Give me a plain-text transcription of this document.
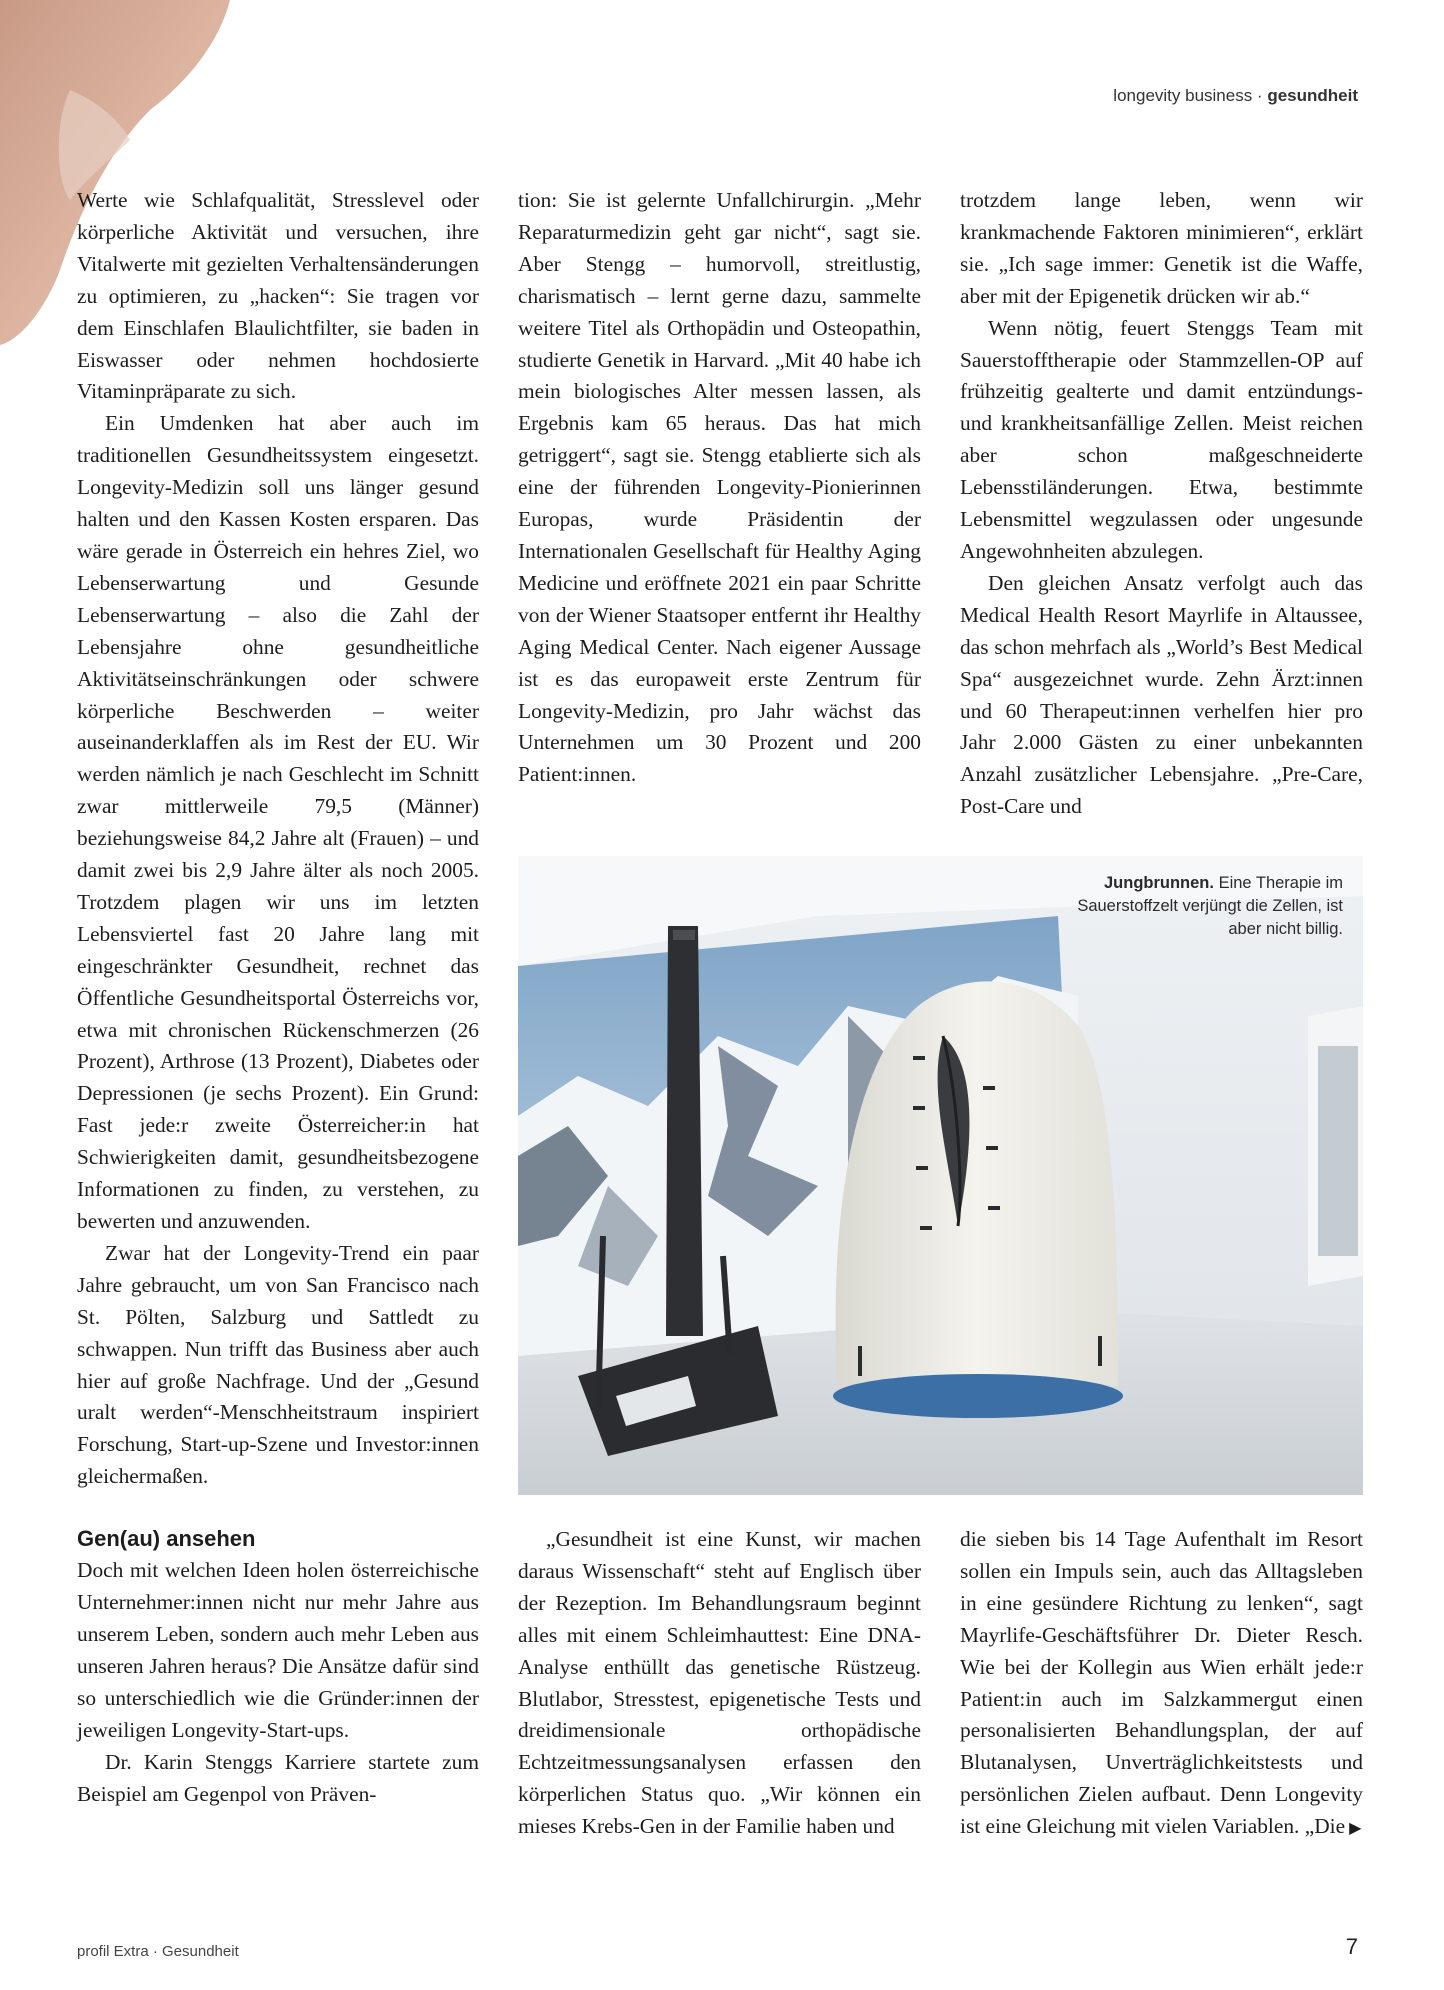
longevity business · gesundheit

Werte wie Schlafqualität, Stresslevel oder körperliche Aktivität und versuchen, ihre Vitalwerte mit gezielten Verhaltensänderungen zu optimieren, zu „hacken“: Sie tragen vor dem Einschlafen Blaulichtfilter, sie baden in Eiswasser oder nehmen hochdosierte Vitaminpräparate zu sich.

Ein Umdenken hat aber auch im traditionellen Gesundheitssystem eingesetzt. Longevity-Medizin soll uns länger gesund halten und den Kassen Kosten ersparen. Das wäre gerade in Österreich ein hehres Ziel, wo Lebenserwartung und Gesunde Lebenserwartung – also die Zahl der Lebensjahre ohne gesundheitliche Aktivitätseinschränkungen oder schwere körperliche Beschwerden – weiter auseinanderklaffen als im Rest der EU. Wir werden nämlich je nach Geschlecht im Schnitt zwar mittlerweile 79,5 (Männer) beziehungsweise 84,2 Jahre alt (Frauen) – und damit zwei bis 2,9 Jahre älter als noch 2005. Trotzdem plagen wir uns im letzten Lebensviertel fast 20 Jahre lang mit eingeschränkter Gesundheit, rechnet das Öffentliche Gesundheitsportal Österreichs vor, etwa mit chronischen Rückenschmerzen (26 Prozent), Arthrose (13 Prozent), Diabetes oder Depressionen (je sechs Prozent). Ein Grund: Fast jede:r zweite Österreicher:in hat Schwierigkeiten damit, gesundheitsbezogene Informationen zu finden, zu verstehen, zu bewerten und anzuwenden.

Zwar hat der Longevity-Trend ein paar Jahre gebraucht, um von San Francisco nach St. Pölten, Salzburg und Sattledt zu schwappen. Nun trifft das Business aber auch hier auf große Nachfrage. Und der „Gesund uralt werden“-Menschheitstraum inspiriert Forschung, Start-up-Szene und Investor:innen gleichermaßen.

Gen(au) ansehen

Doch mit welchen Ideen holen österreichische Unternehmer:innen nicht nur mehr Jahre aus unserem Leben, sondern auch mehr Leben aus unseren Jahren heraus? Die Ansätze dafür sind so unterschiedlich wie die Gründer:innen der jeweiligen Longevity-Start-ups.

Dr. Karin Stenggs Karriere startete zum Beispiel am Gegenpol von Präven-

tion: Sie ist gelernte Unfallchirurgin. „Mehr Reparaturmedizin geht gar nicht“, sagt sie. Aber Stengg – humorvoll, streitlustig, charismatisch – lernt gerne dazu, sammelte weitere Titel als Orthopädin und Osteopathin, studierte Genetik in Harvard. „Mit 40 habe ich mein biologisches Alter messen lassen, als Ergebnis kam 65 heraus. Das hat mich getriggert“, sagt sie. Stengg etablierte sich als eine der führenden Longevity-Pionierinnen Europas, wurde Präsidentin der Internationalen Gesellschaft für Healthy Aging Medicine und eröffnete 2021 ein paar Schritte von der Wiener Staatsoper entfernt ihr Healthy Aging Medical Center. Nach eigener Aussage ist es das europaweit erste Zentrum für Longevity-Medizin, pro Jahr wächst das Unternehmen um 30 Prozent und 200 Patient:innen.

trotzdem lange leben, wenn wir krankmachende Faktoren minimieren“, erklärt sie. „Ich sage immer: Genetik ist die Waffe, aber mit der Epigenetik drücken wir ab.“

Wenn nötig, feuert Stenggs Team mit Sauerstofftherapie oder Stammzellen-OP auf frühzeitig gealterte und damit entzündungs- und krankheitsanfällige Zellen. Meist reichen aber schon maßgeschneiderte Lebensstiländerungen. Etwa, bestimmte Lebensmittel wegzulassen oder ungesunde Angewohnheiten abzulegen.

Den gleichen Ansatz verfolgt auch das Medical Health Resort Mayrlife in Altaussee, das schon mehrfach als „World’s Best Medical Spa“ ausgezeichnet wurde. Zehn Ärzt:innen und 60 Therapeut:innen verhelfen hier pro Jahr 2.000 Gästen zu einer unbekannten Anzahl zusätzlicher Lebensjahre. „Pre-Care, Post-Care und

Jungbrunnen. Eine Therapie im Sauerstoffzelt verjüngt die Zellen, ist aber nicht billig.

„Gesundheit ist eine Kunst, wir machen daraus Wissenschaft“ steht auf Englisch über der Rezeption. Im Behandlungsraum beginnt alles mit einem Schleimhauttest: Eine DNA-Analyse enthüllt das genetische Rüstzeug. Blutlabor, Stresstest, epigenetische Tests und dreidimensionale orthopädische Echtzeitmessungsanalysen erfassen den körperlichen Status quo. „Wir können ein mieses Krebs-Gen in der Familie haben und

die sieben bis 14 Tage Aufenthalt im Resort sollen ein Impuls sein, auch das Alltagsleben in eine gesündere Richtung zu lenken“, sagt Mayrlife-Geschäftsführer Dr. Dieter Resch. Wie bei der Kollegin aus Wien erhält jede:r Patient:in auch im Salzkammergut einen personalisierten Behandlungsplan, der auf Blutanalysen, Unverträglichkeitstests und persönlichen Zielen aufbaut. Denn Longevity ist eine Gleichung mit vielen Variablen. „Die ▶

profil Extra · Gesundheit	7
